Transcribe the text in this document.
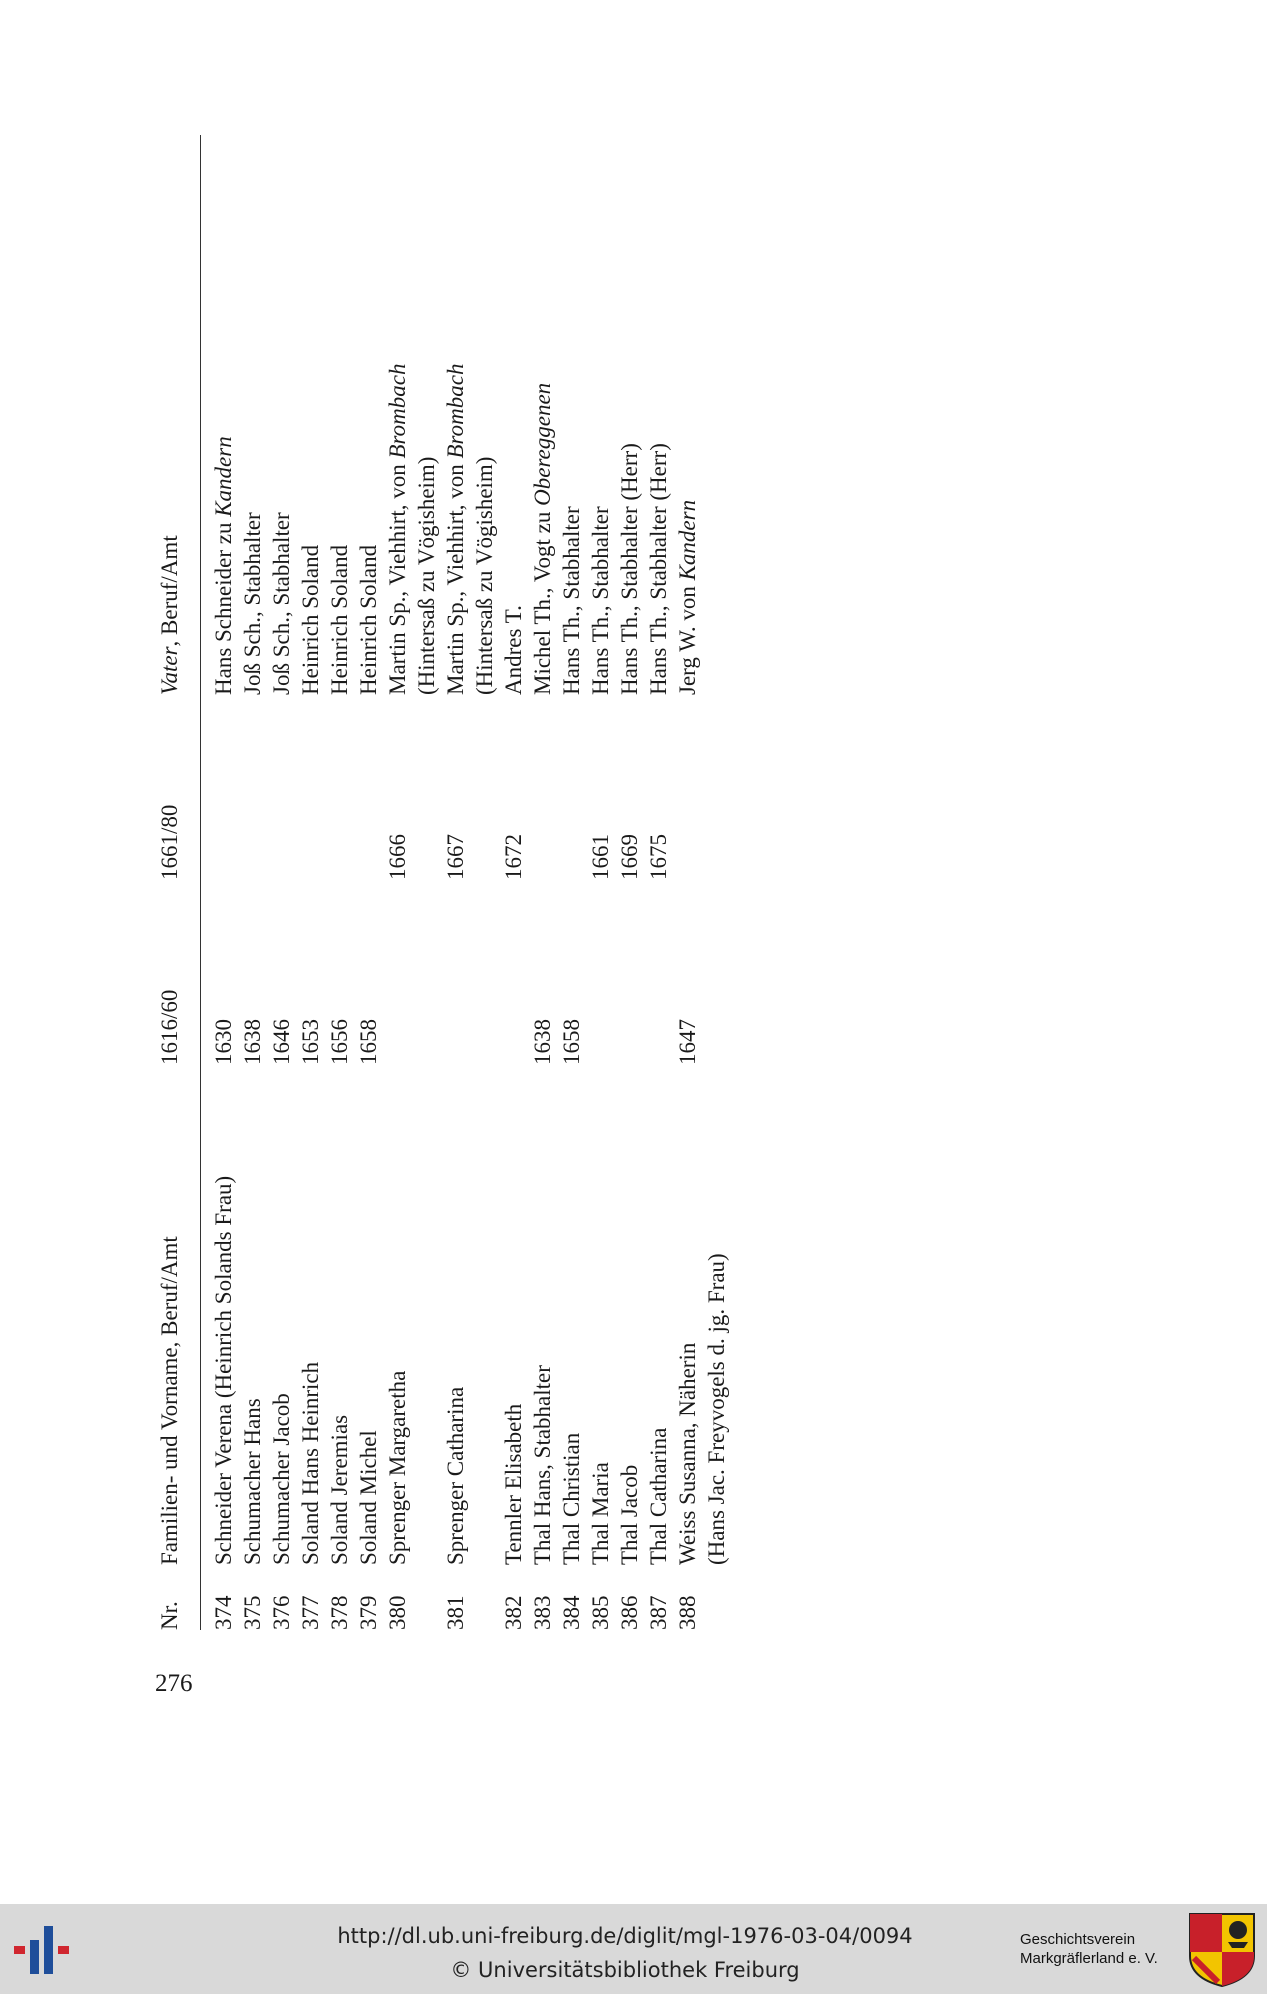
Nr.	Familien- und Vorname, Beruf/Amt	1616/60	1661/80	Vater, Beruf/Amt
374	Schneider Verena (Heinrich Solands Frau)	1630		Hans Schneider zu Kandern

375	Schumacher Hans	1638		Joß Sch., Stabhalter

376	Schumacher Jacob	1646		Joß Sch., Stabhalter

377	Soland Hans Heinrich	1653		Heinrich Soland

378	Soland Jeremias	1656		Heinrich Soland

379	Soland Michel	1658		Heinrich Soland

380	Sprenger Margaretha		1666	Martin Sp., Viehhirt, von Brombach
(Hintersaß zu Vögisheim)

381	Sprenger Catharina		1667	Martin Sp., Viehhirt, von Brombach
(Hintersaß zu Vögisheim)

382	Tennler Elisabeth		1672	Andres T.

383	Thal Hans, Stabhalter	1638		Michel Th., Vogt zu Obereggenen

384	Thal Christian	1658		Hans Th., Stabhalter

385	Thal Maria		1661	Hans Th., Stabhalter

386	Thal Jacob		1669	Hans Th., Stabhalter (Herr)

387	Thal Catharina		1675	Hans Th., Stabhalter (Herr)

388	Weiss Susanna, Näherin (Hans Jac. Freyvogels d. jg. Frau)	1647		Jerg W. von Kandern
276
http://dl.ub.uni-freiburg.de/diglit/mgl-1976-03-04/0094
© Universitätsbibliothek Freiburg
Geschichtsverein
Markgräflerland e. V.
